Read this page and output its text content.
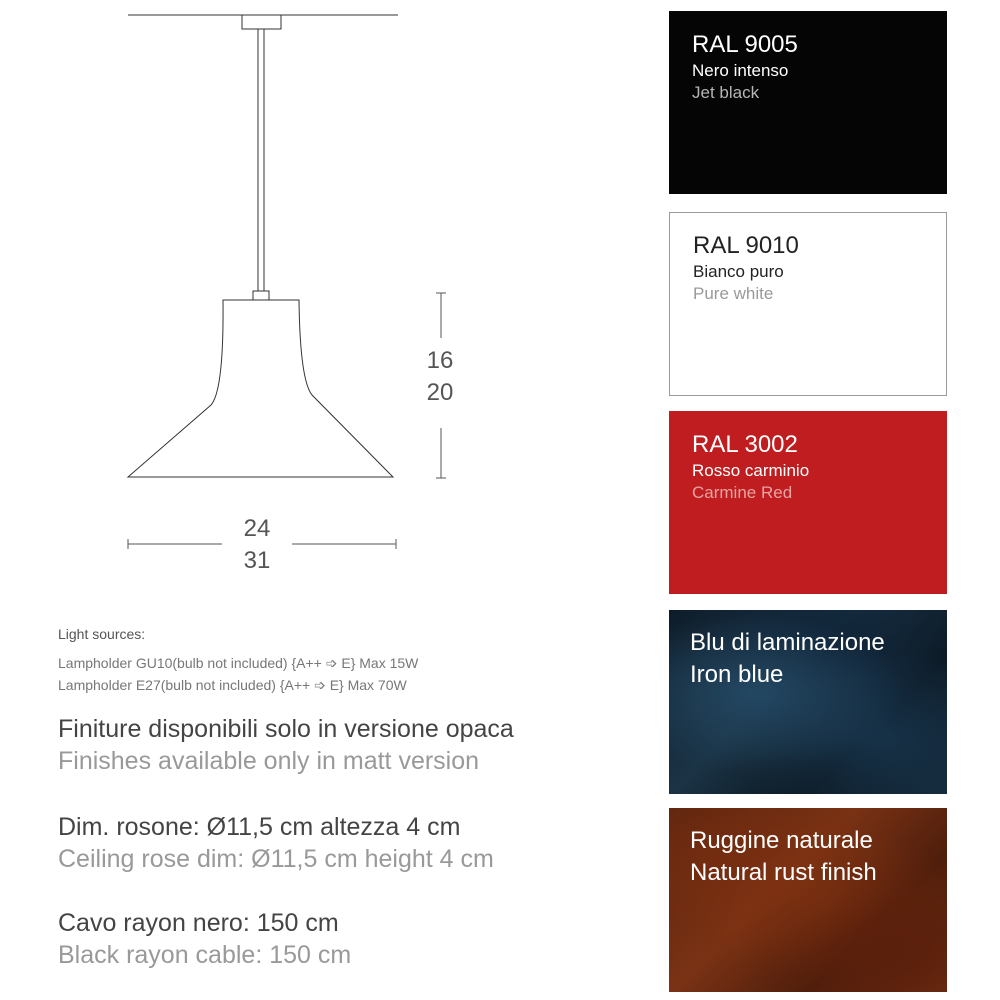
16
20
24
31
Light sources:
Lampholder GU10(bulb not included) {A++ ➩ E} Max 15W
Lampholder E27(bulb not included) {A++ ➩ E} Max 70W
Finiture disponibili solo in versione opaca
Finishes available only in matt version
Dim. rosone: Ø11,5 cm altezza 4 cm
Ceiling rose dim: Ø11,5 cm height 4 cm
Cavo rayon nero: 150 cm
Black rayon cable: 150 cm
RAL 9005
Nero intenso
Jet black
RAL 9010
Bianco puro
Pure white
RAL 3002
Rosso carminio
Carmine Red
Blu di laminazione
Iron blue
Ruggine naturale
Natural rust finish
